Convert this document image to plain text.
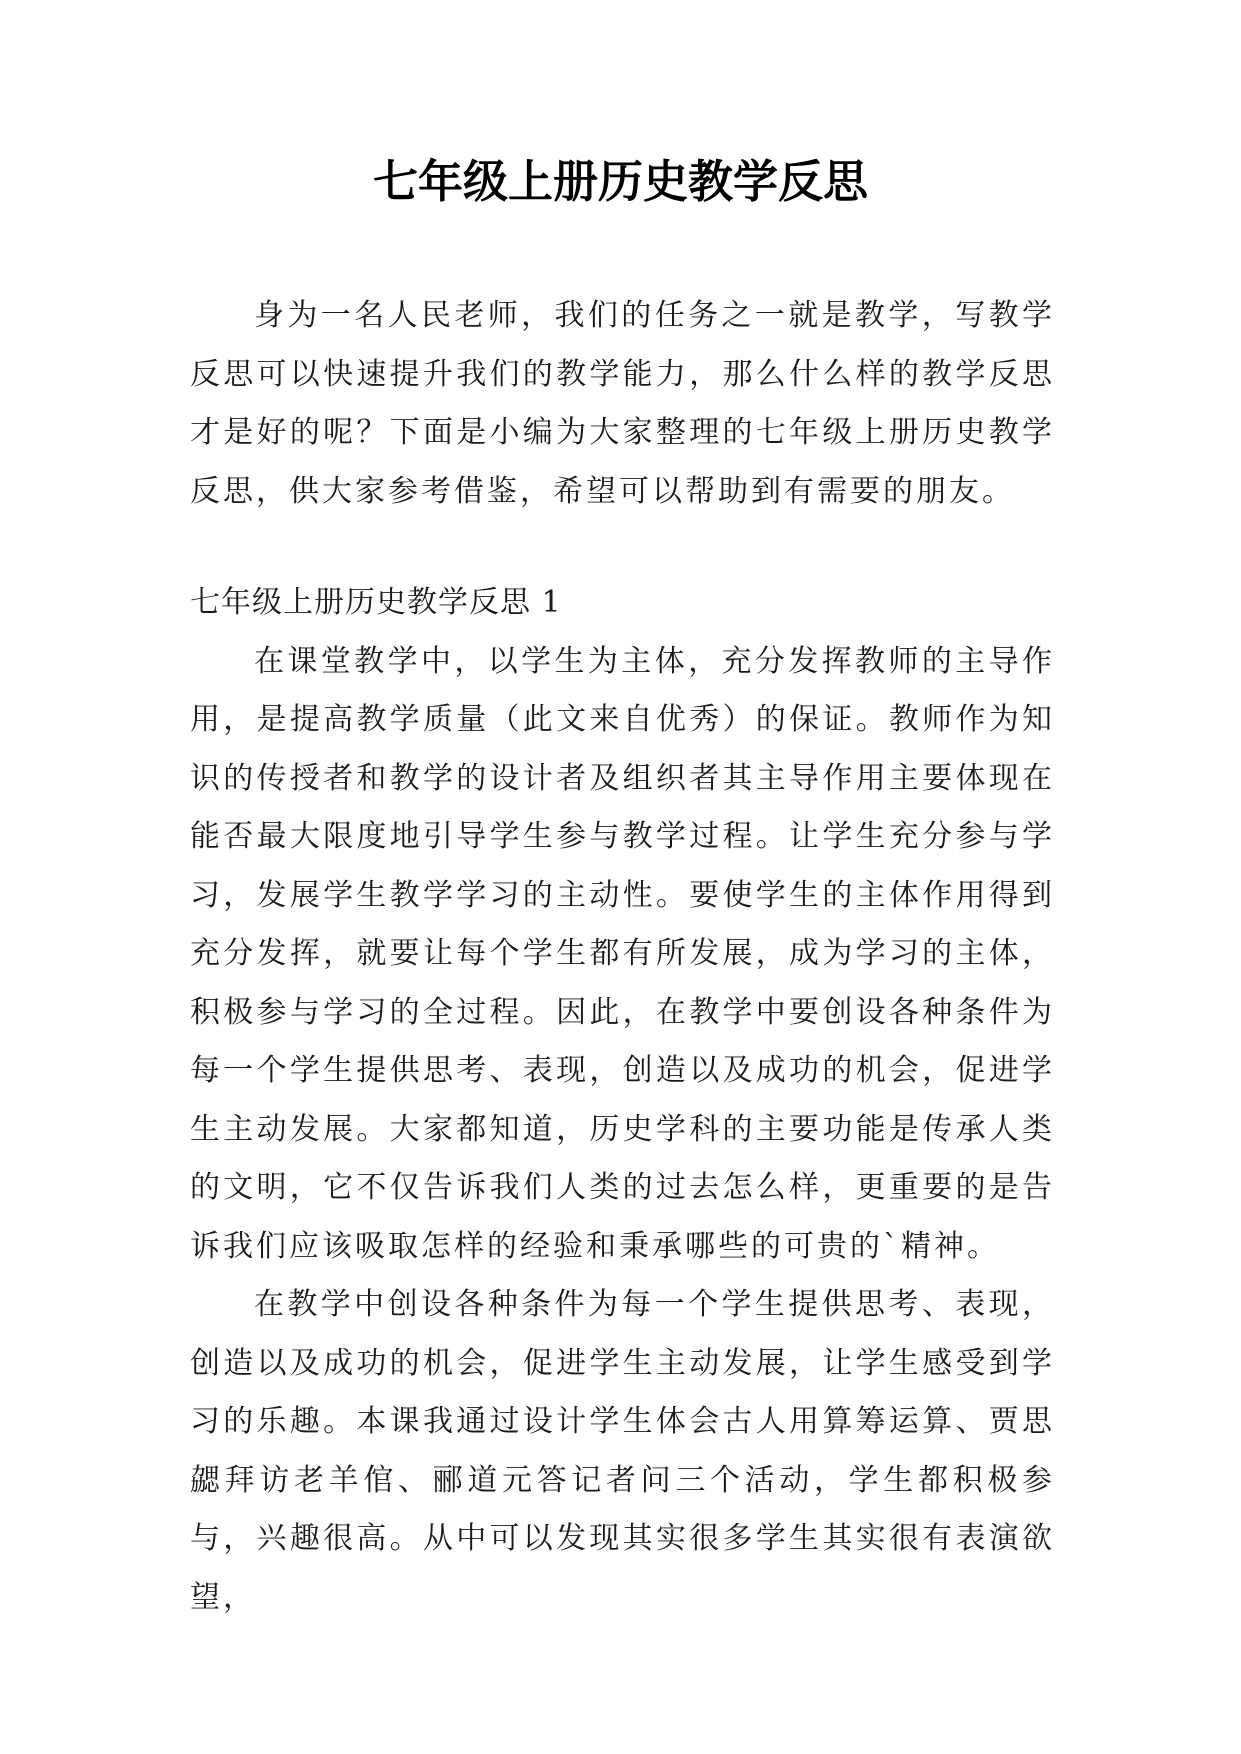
七年级上册历史教学反思

身为一名人民老师，我们的任务之一就是教学，写教学反思可以快速提升我们的教学能力，那么什么样的教学反思才是好的呢？下面是小编为大家整理的七年级上册历史教学反思，供大家参考借鉴，希望可以帮助到有需要的朋友。

七年级上册历史教学反思 1

在课堂教学中，以学生为主体，充分发挥教师的主导作用，是提高教学质量（此文来自优秀）的保证。教师作为知识的传授者和教学的设计者及组织者其主导作用主要体现在能否最大限度地引导学生参与教学过程。让学生充分参与学习，发展学生教学学习的主动性。要使学生的主体作用得到充分发挥，就要让每个学生都有所发展，成为学习的主体，积极参与学习的全过程。因此，在教学中要创设各种条件为每一个学生提供思考、表现，创造以及成功的机会，促进学生主动发展。大家都知道，历史学科的主要功能是传承人类的文明，它不仅告诉我们人类的过去怎么样，更重要的是告诉我们应该吸取怎样的经验和秉承哪些的可贵的`精神。

在教学中创设各种条件为每一个学生提供思考、表现，创造以及成功的机会，促进学生主动发展，让学生感受到学习的乐趣。本课我通过设计学生体会古人用算筹运算、贾思勰拜访老羊倌、郦道元答记者问三个活动，学生都积极参与，兴趣很高。从中可以发现其实很多学生其实很有表演欲望，
